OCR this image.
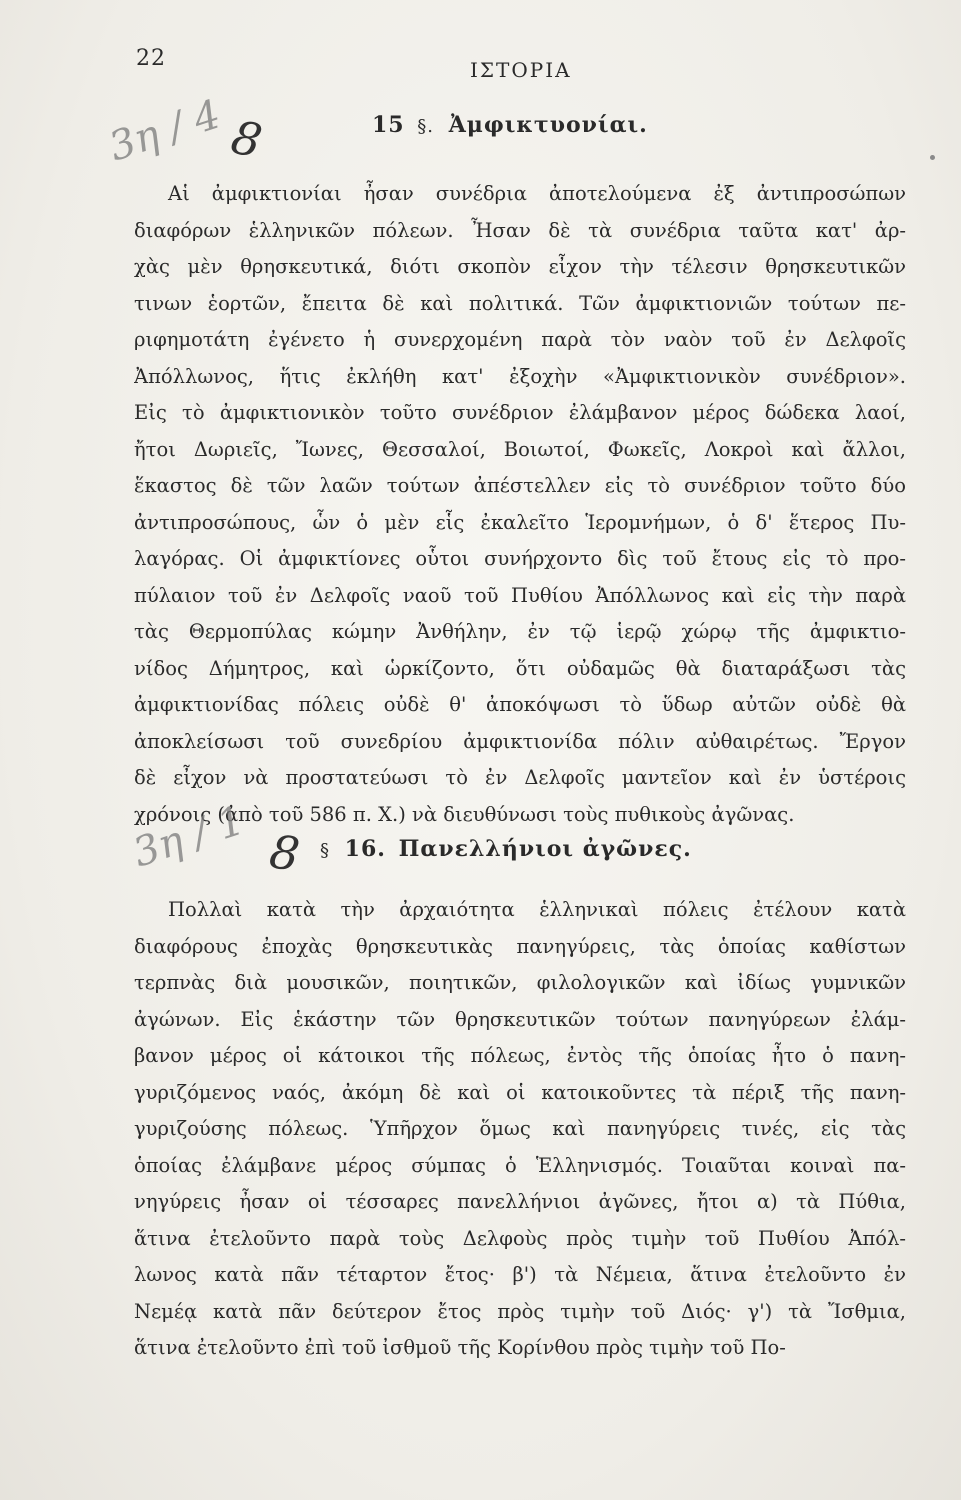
22	ΙΣΤΟΡΙΑ
3η / 4 8	15 §. Ἀμφικτυονίαι.
Αἱ ἀμφικτιονίαι ἦσαν συνέδρια ἀποτελούμενα ἐξ ἀντιπροσώπων
διαφόρων ἑλληνικῶν πόλεων. Ἦσαν δὲ τὰ συνέδρια ταῦτα κατ' ἀρ-
χὰς μὲν θρησκευτικά, διότι σκοπὸν εἶχον τὴν τέλεσιν θρησκευτικῶν
τινων ἑορτῶν, ἔπειτα δὲ καὶ πολιτικά. Τῶν ἀμφικτιονιῶν τούτων πε-
ριφημοτάτη ἐγένετο ἡ συνερχομένη παρὰ τὸν ναὸν τοῦ ἐν Δελφοῖς
Ἀπόλλωνος, ἥτις ἐκλήθη κατ' ἐξοχὴν «Ἀμφικτιονικὸν συνέδριον».
Εἰς τὸ ἀμφικτιονικὸν τοῦτο συνέδριον ἐλάμβανον μέρος δώδεκα λαοί,
ἤτοι Δωριεῖς, Ἴωνες, Θεσσαλοί, Βοιωτοί, Φωκεῖς, Λοκροὶ καὶ ἄλλοι,
ἕκαστος δὲ τῶν λαῶν τούτων ἀπέστελλεν εἰς τὸ συνέδριον τοῦτο δύο
ἀντιπροσώπους, ὧν ὁ μὲν εἷς ἐκαλεῖτο Ἱερομνήμων, ὁ δ' ἕτερος Πυ-
λαγόρας. Οἱ ἀμφικτίονες οὗτοι συνήρχοντο δὶς τοῦ ἔτους εἰς τὸ προ-
πύλαιον τοῦ ἐν Δελφοῖς ναοῦ τοῦ Πυθίου Ἀπόλλωνος καὶ εἰς τὴν παρὰ
τὰς Θερμοπύλας κώμην Ἀνθήλην, ἐν τῷ ἱερῷ χώρῳ τῆς ἀμφικτιο-
νίδος Δήμητρος, καὶ ὡρκίζοντο, ὅτι οὐδαμῶς θὰ διαταράξωσι τὰς
ἀμφικτιονίδας πόλεις οὐδὲ θ' ἀποκόψωσι τὸ ὕδωρ αὐτῶν οὐδὲ θὰ
ἀποκλείσωσι τοῦ συνεδρίου ἀμφικτιονίδα πόλιν αὐθαιρέτως. Ἔργον
δὲ εἶχον νὰ προστατεύωσι τὸ ἐν Δελφοῖς μαντεῖον καὶ ἐν ὑστέροις
χρόνοις (ἀπὸ τοῦ 586 π. Χ.) νὰ διευθύνωσι τοὺς πυθικοὺς ἀγῶνας.
3η / 1 8 § 16. Πανελλήνιοι ἀγῶνες.
Πολλαὶ κατὰ τὴν ἀρχαιότητα ἑλληνικαὶ πόλεις ἐτέλουν κατὰ
διαφόρους ἐποχὰς θρησκευτικὰς πανηγύρεις, τὰς ὁποίας καθίστων
τερπνὰς διὰ μουσικῶν, ποιητικῶν, φιλολογικῶν καὶ ἰδίως γυμνικῶν
ἀγώνων. Εἰς ἑκάστην τῶν θρησκευτικῶν τούτων πανηγύρεων ἐλάμ-
βανον μέρος οἱ κάτοικοι τῆς πόλεως, ἐντὸς τῆς ὁποίας ἦτο ὁ πανη-
γυριζόμενος ναός, ἀκόμη δὲ καὶ οἱ κατοικοῦντες τὰ πέριξ τῆς πανη-
γυριζούσης πόλεως. Ὑπῆρχον ὅμως καὶ πανηγύρεις τινές, εἰς τὰς
ὁποίας ἐλάμβανε μέρος σύμπας ὁ Ἑλληνισμός. Τοιαῦται κοιναὶ πα-
νηγύρεις ἦσαν οἱ τέσσαρες πανελλήνιοι ἀγῶνες, ἤτοι α) τὰ Πύθια,
ἅτινα ἐτελοῦντο παρὰ τοὺς Δελφοὺς πρὸς τιμὴν τοῦ Πυθίου Ἀπόλ-
λωνος κατὰ πᾶν τέταρτον ἔτος· β') τὰ Νέμεια, ἅτινα ἐτελοῦντο ἐν
Νεμέᾳ κατὰ πᾶν δεύτερον ἔτος πρὸς τιμὴν τοῦ Διός· γ') τὰ Ἴσθμια,
ἅτινα ἐτελοῦντο ἐπὶ τοῦ ἰσθμοῦ τῆς Κορίνθου πρὸς τιμὴν τοῦ Πο-
